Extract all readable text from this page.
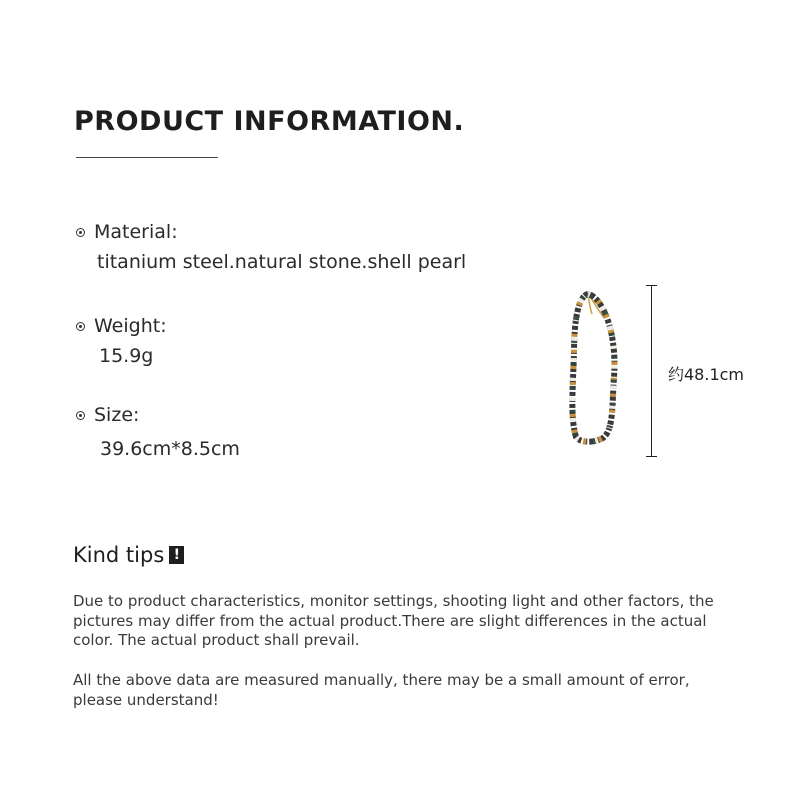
PRODUCT INFORMATION.
Material:
titanium steel.natural stone.shell pearl
Weight:
15.9g
Size:
39.6cm*8.5cm
约48.1cm
Kind tips !

Due to product characteristics, monitor settings, shooting light and other factors, the pictures may differ from the actual product.There are slight differences in the actual color. The actual product shall prevail.

All the above data are measured manually, there may be a small amount of error, please understand!
